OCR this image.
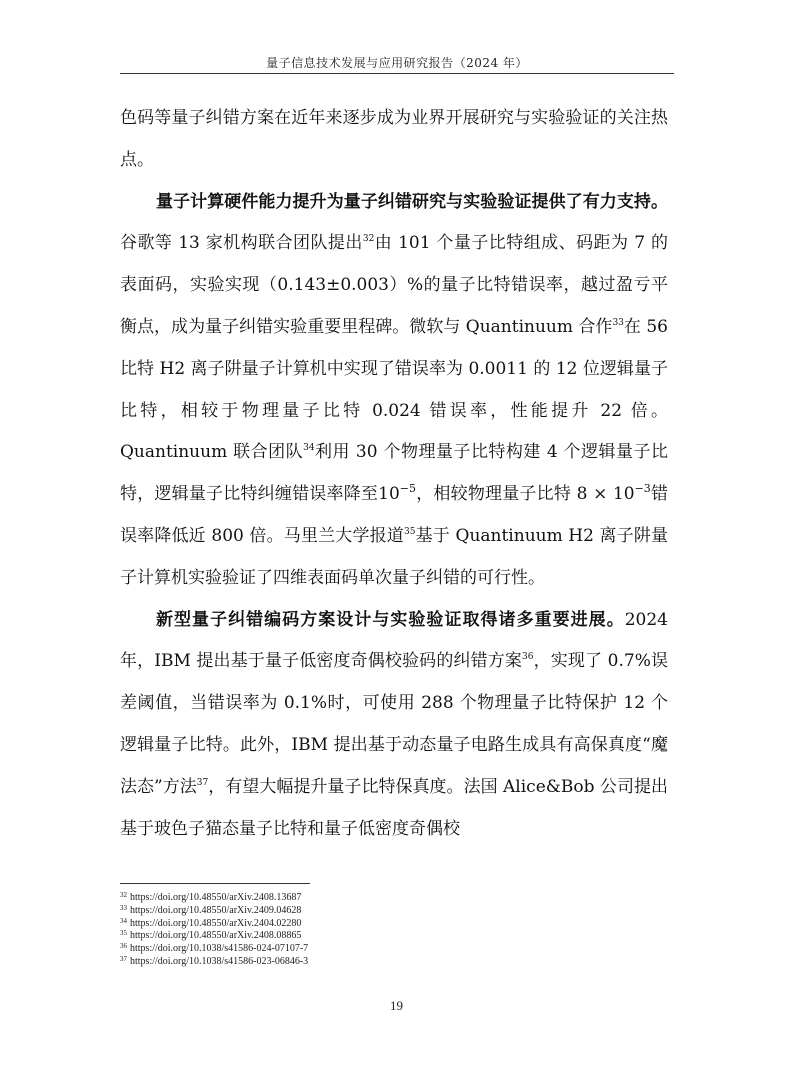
量子信息技术发展与应用研究报告（2024 年）

色码等量子纠错方案在近年来逐步成为业界开展研究与实验验证的关注热点。

量子计算硬件能力提升为量子纠错研究与实验验证提供了有力支持。谷歌等 13 家机构联合团队提出$^{32}$由 101 个量子比特组成、码距为 7 的表面码，实验实现（0.143±0.003）%的量子比特错误率，越过盈亏平衡点，成为量子纠错实验重要里程碑。微软与 Quantinuum 合作$^{33}$在 56 比特 H2 离子阱量子计算机中实现了错误率为 0.0011 的 12 位逻辑量子比特，相较于物理量子比特 0.024 错误率，性能提升 22 倍。Quantinuum 联合团队$^{34}$利用 30 个物理量子比特构建 4 个逻辑量子比特，逻辑量子比特纠缠错误率降至$10^{-5}$，相较物理量子比特 $8 \times 10^{-3}$错误率降低近 800 倍。马里兰大学报道$^{35}$基于 Quantinuum H2 离子阱量子计算机实验验证了四维表面码单次量子纠错的可行性。

新型量子纠错编码方案设计与实验验证取得诸多重要进展。2024 年，IBM 提出基于量子低密度奇偶校验码的纠错方案$^{36}$，实现了 0.7%误差阈值，当错误率为 0.1%时，可使用 288 个物理量子比特保护 12 个逻辑量子比特。此外，IBM 提出基于动态量子电路生成具有高保真度“魔法态”方法$^{37}$，有望大幅提升量子比特保真度。法国 Alice&Bob 公司提出基于玻色子猫态量子比特和量子低密度奇偶校

$^{32}$ https://doi.org/10.48550/arXiv.2408.13687
$^{33}$ https://doi.org/10.48550/arXiv.2409.04628
$^{34}$ https://doi.org/10.48550/arXiv.2404.02280
$^{35}$ https://doi.org/10.48550/arXiv.2408.08865
$^{36}$ https://doi.org/10.1038/s41586-024-07107-7
$^{37}$ https://doi.org/10.1038/s41586-023-06846-3
19
